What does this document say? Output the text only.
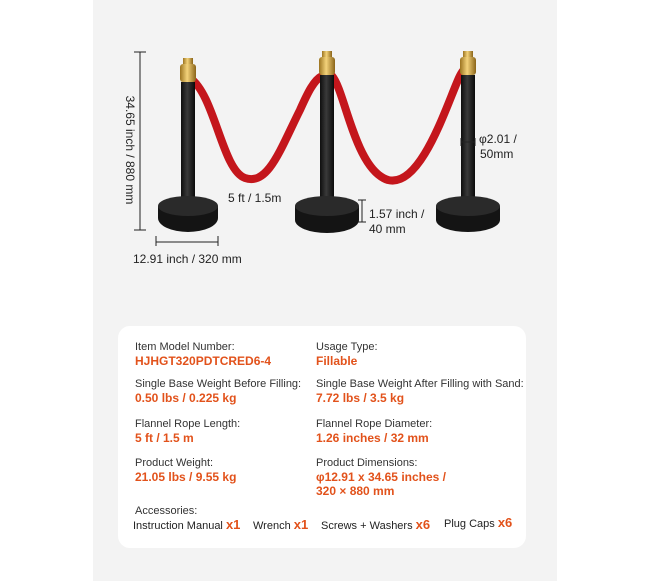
34.65 inch / 880 mm
12.91 inch / 320 mm
5 ft / 1.5m
1.57 inch /
40 mm
φ2.01 /
50mm
Item Model Number:
HJHGT320PDTCRED6-4
Usage Type:
Fillable
Single Base Weight Before Filling:
0.50 lbs / 0.225 kg
Single Base Weight After Filling with Sand:
7.72 lbs / 3.5 kg
Flannel Rope Length:
5 ft / 1.5 m
Flannel Rope Diameter:
1.26 inches / 32 mm
Product Weight:
21.05 lbs / 9.55 kg
Product Dimensions:
φ12.91 x 34.65 inches /
320 × 880 mm
Accessories:
Instruction Manual x1 Wrench x1 Screws + Washers x6 Plug Caps x6
